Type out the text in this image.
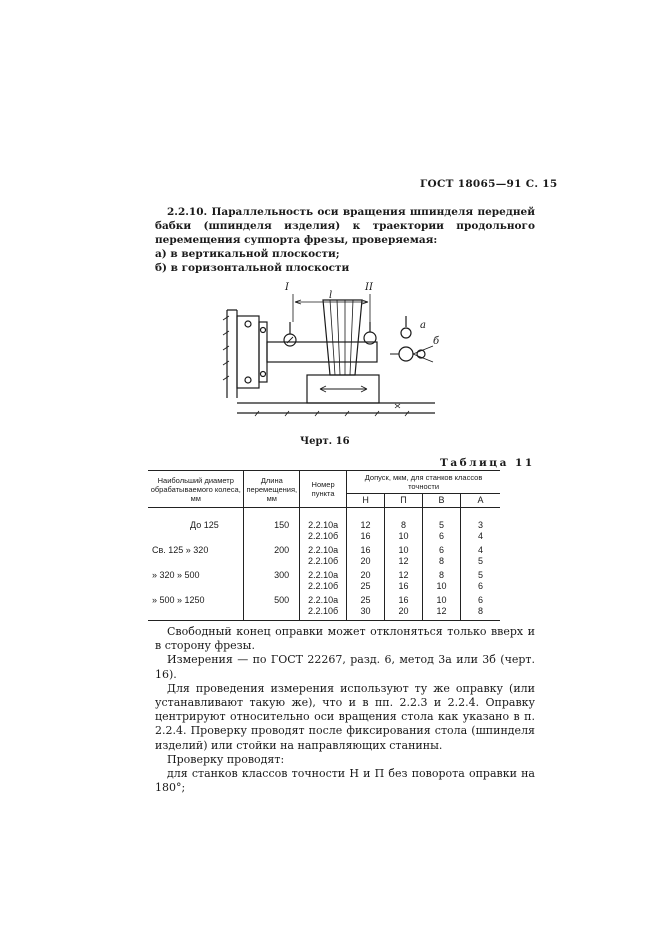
ГОСТ 18065—91 С. 15

2.2.10. Параллельность оси вращения шпинделя передней бабки (шпинделя изделия) к траектории продольного перемещения суппорта фрезы, проверяемая:

а) в вертикальной плоскости;

б) в горизонтальной плоскости

I	II
l
а
б
Черт. 16
Таблица 11
Наибольший диаметр обрабатываемого колеса, мм	Длина перемещения, мм	Номер пункта	Допуск, мкм, для станков классов точности			
			Н	П	В	А
До 125	150	2.2.10а	12	8	5	3
		2.2.10б	16	10	6	4
Св. 125 » 320	200	2.2.10а	16	10	6	4
		2.2.10б	20	12	8	5
» 320 » 500	300	2.2.10а	20	12	8	5
		2.2.10б	25	16	10	6
» 500 » 1250	500	2.2.10а	25	16	10	6
		2.2.10б	30	20	12	8

Свободный конец оправки может отклоняться только вверх и в сторону фрезы.

Измерения — по ГОСТ 22267, разд. 6, метод 3а или 3б (черт. 16).

Для проведения измерения используют ту же оправку (или устанавливают такую же), что и в пп. 2.2.3 и 2.2.4. Оправку центрируют относительно оси вращения стола как указано в п. 2.2.4. Проверку проводят после фиксирования стола (шпинделя изделий) или стойки на направляющих станины.

Проверку проводят:

для станков классов точности Н и П без поворота оправки на 180°;
